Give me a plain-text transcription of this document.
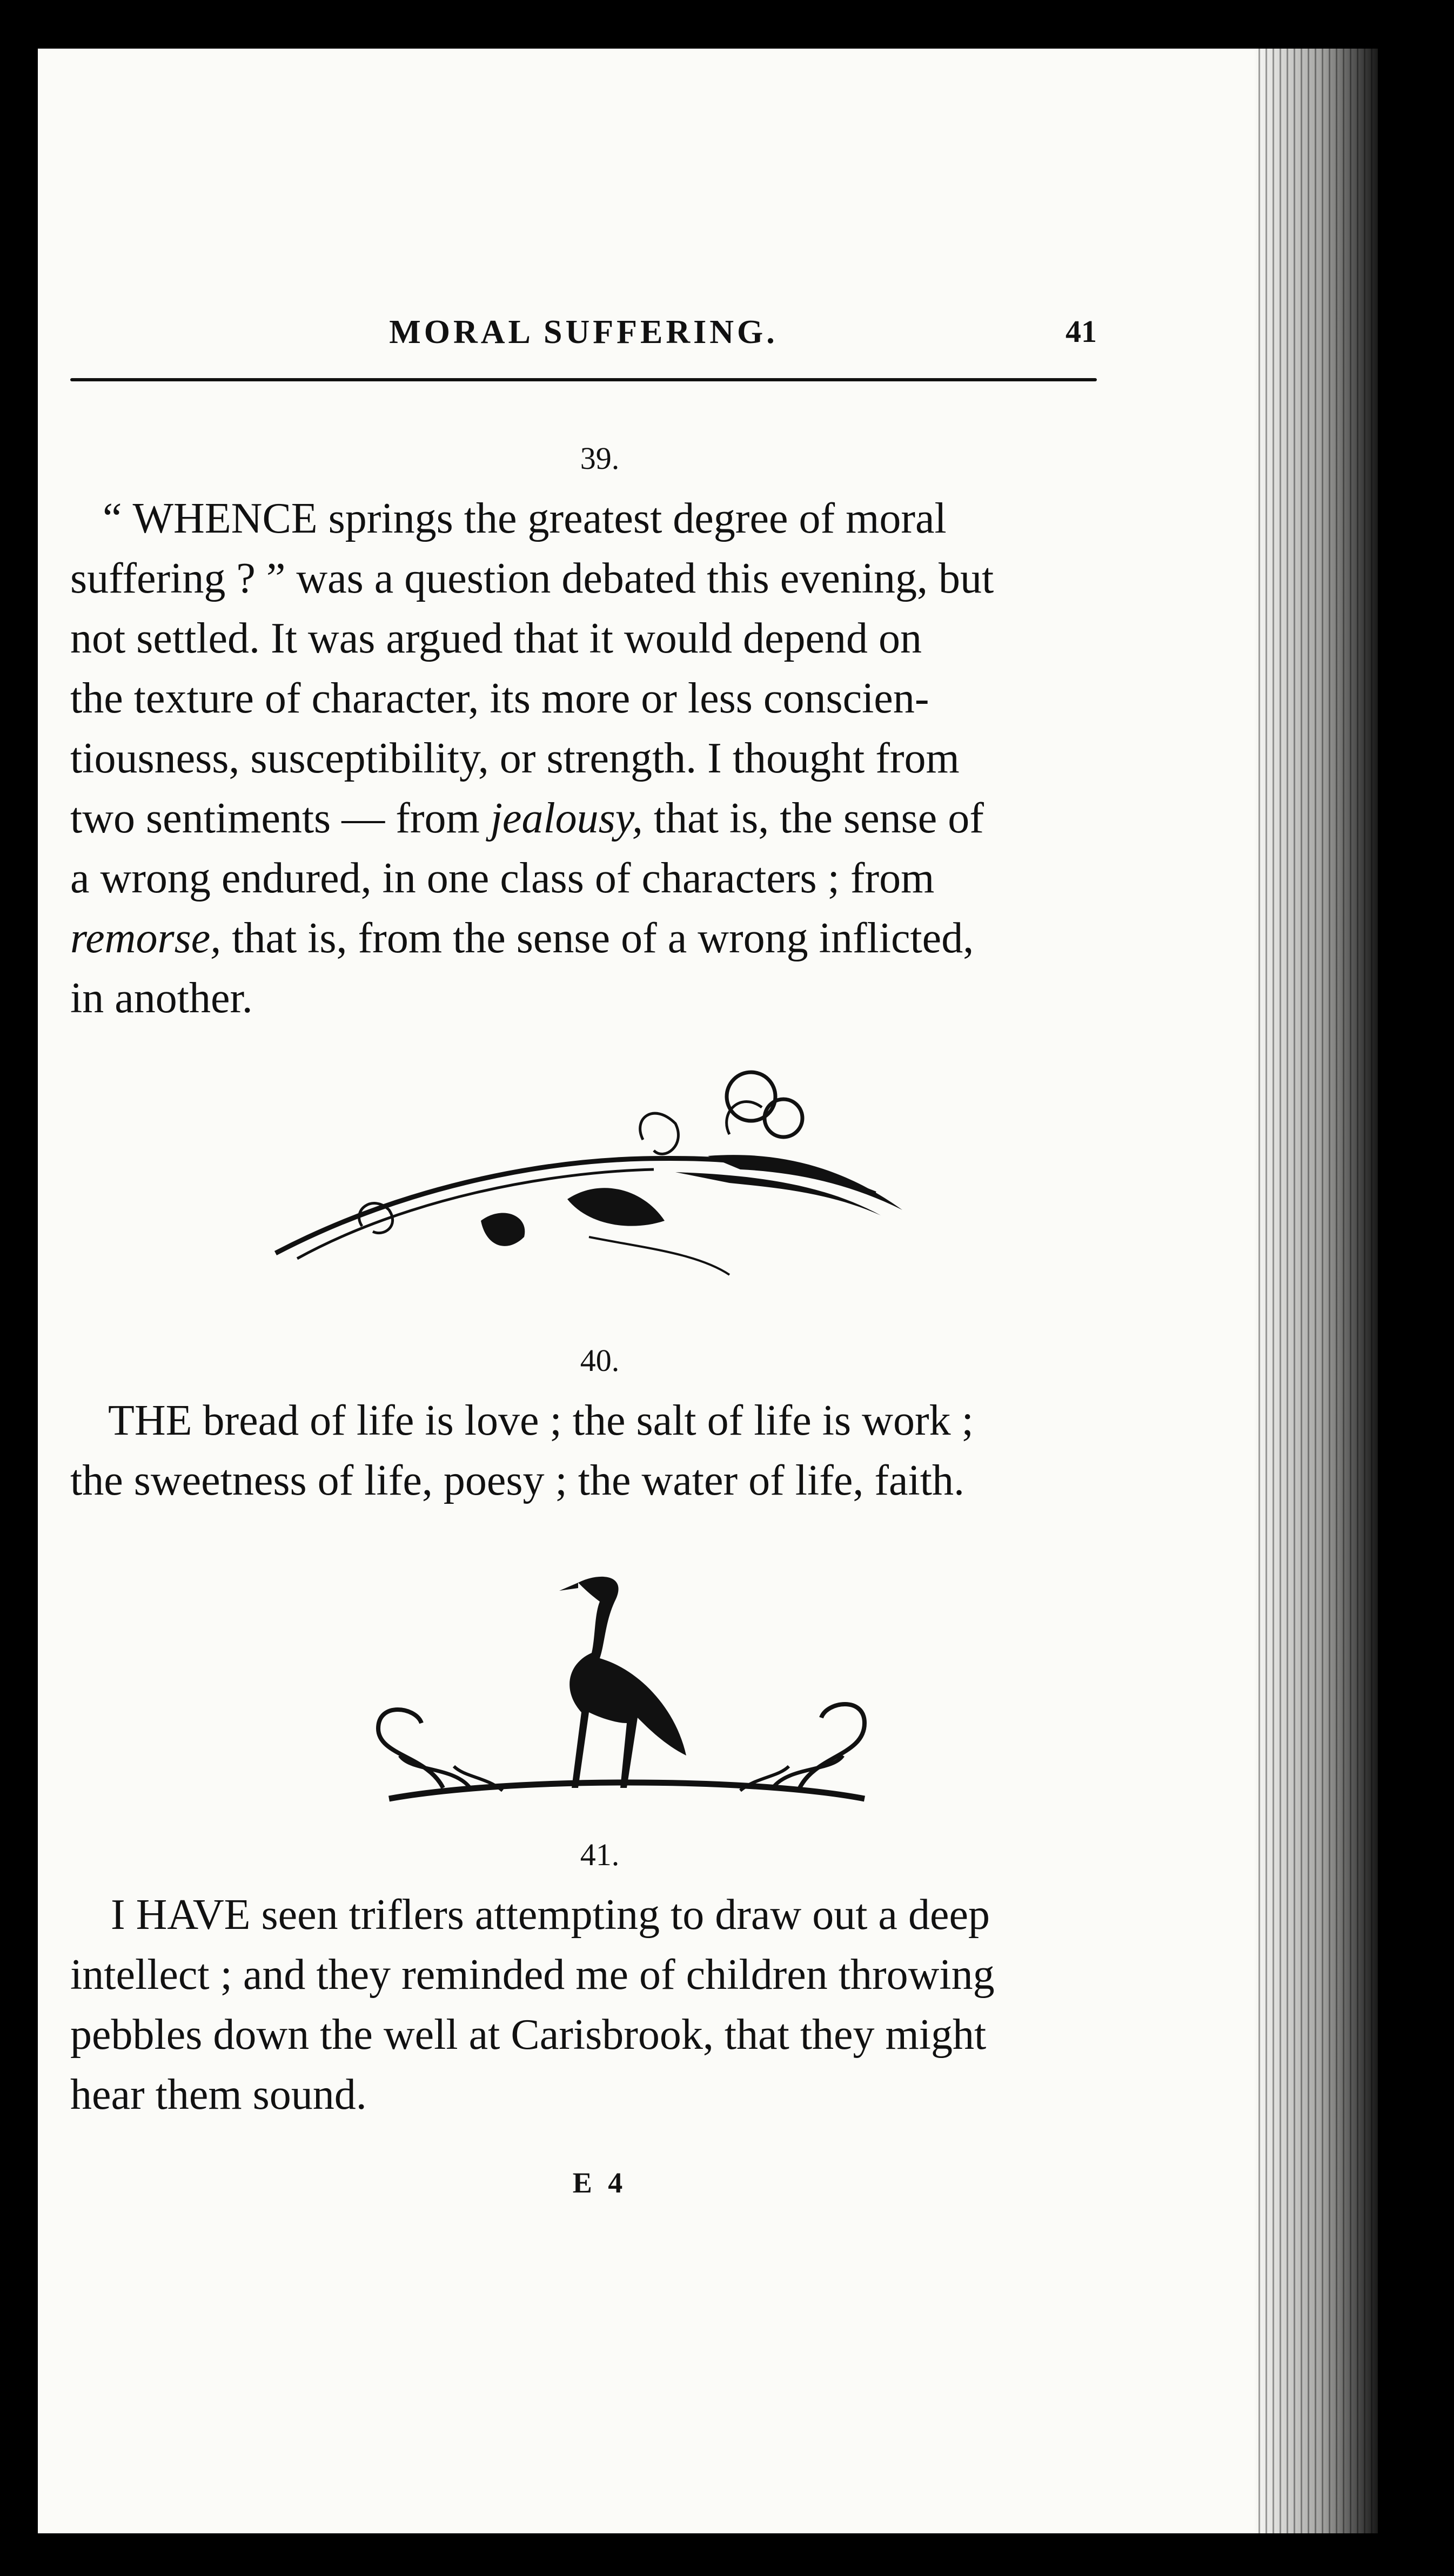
MORAL SUFFERING.	41
39.
“ WHENCE springs the greatest degree of moral
suffering ? ” was a question debated this evening, but
not settled. It was argued that it would depend on
the texture of character, its more or less conscien-
tiousness, susceptibility, or strength. I thought from
two sentiments — from jealousy, that is, the sense of
a wrong endured, in one class of characters ; from
remorse, that is, from the sense of a wrong inflicted,
in another.
40.
THE bread of life is love ; the salt of life is work ;
the sweetness of life, poesy ; the water of life, faith.
41.
I HAVE seen triflers attempting to draw out a deep
intellect ; and they reminded me of children throwing
pebbles down the well at Carisbrook, that they might
hear them sound.
E 4
